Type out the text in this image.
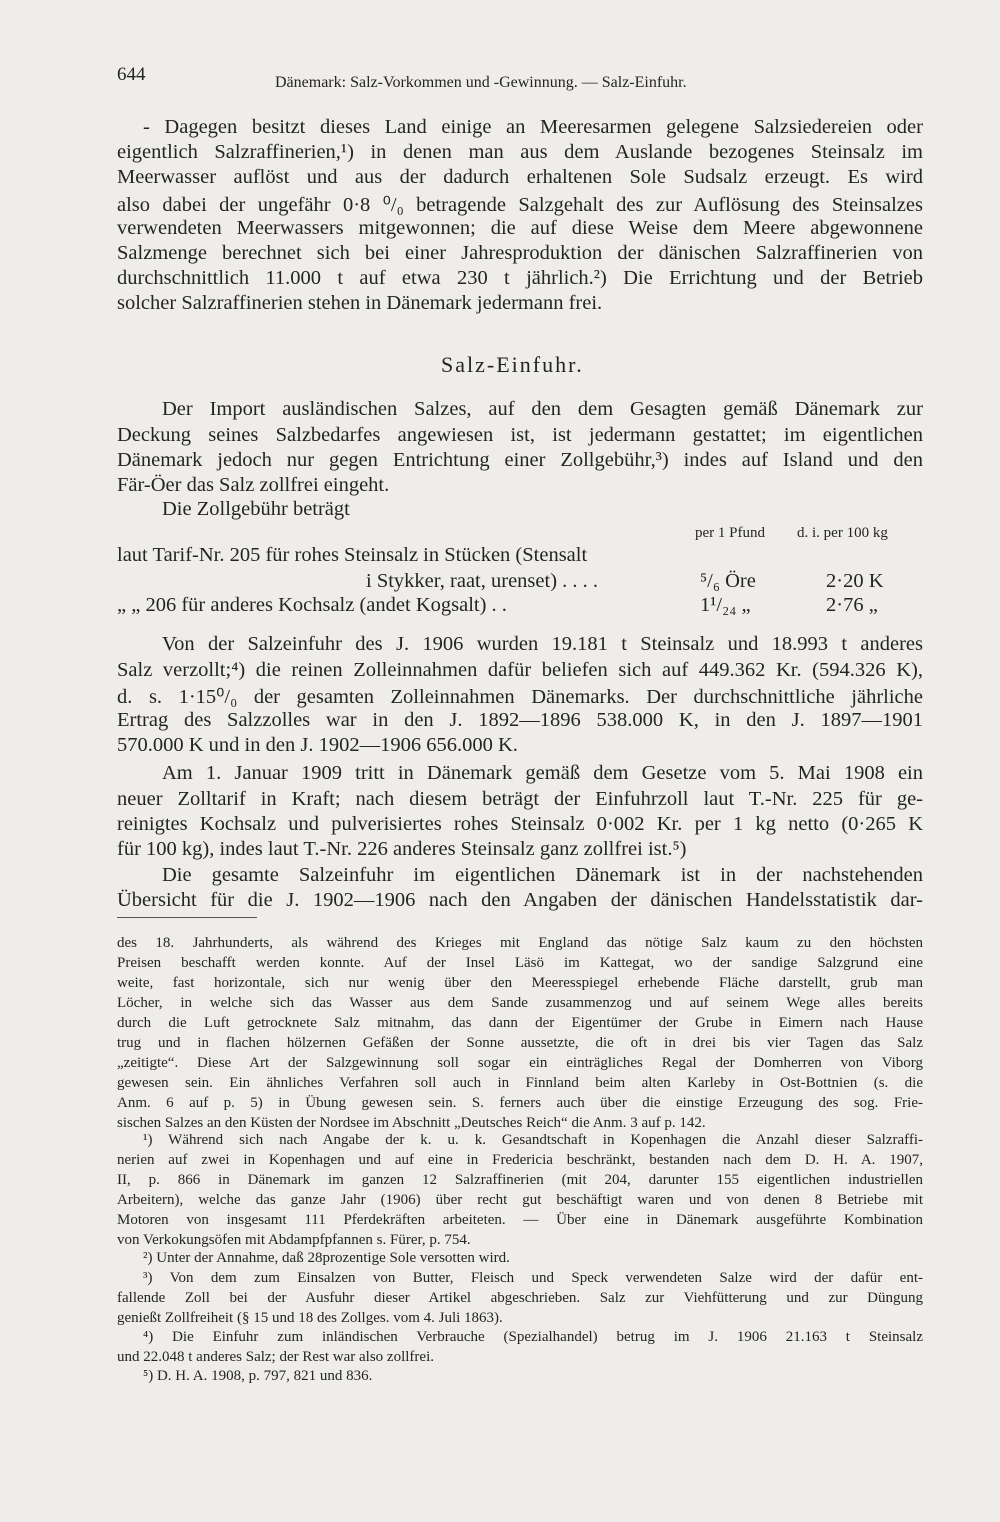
644	Dänemark: Salz-Vorkommen und -Gewinnung. — Salz-Einfuhr.
- Dagegen besitzt dieses Land einige an Meeresarmen gelegene Salzsiedereien oder
eigentlich Salzraffinerien,¹) in denen man aus dem Auslande bezogenes Steinsalz im
Meerwasser auflöst und aus der dadurch erhaltenen Sole Sudsalz erzeugt. Es wird
also dabei der ungefähr 0·8 ⁰/₀ betragende Salzgehalt des zur Auflösung des Steinsalzes
verwendeten Meerwassers mitgewonnen; die auf diese Weise dem Meere abgewonnene
Salzmenge berechnet sich bei einer Jahresproduktion der dänischen Salzraffinerien von
durchschnittlich 11.000 t auf etwa 230 t jährlich.²) Die Errichtung und der Betrieb
solcher Salzraffinerien stehen in Dänemark jedermann frei.
Salz-Einfuhr.
Der Import ausländischen Salzes, auf den dem Gesagten gemäß Dänemark zur
Deckung seines Salzbedarfes angewiesen ist, ist jedermann gestattet; im eigentlichen
Dänemark jedoch nur gegen Entrichtung einer Zollgebühr,³) indes auf Island und den
Fär-Öer das Salz zollfrei eingeht.
Die Zollgebühr beträgt
per 1 Pfund d. i. per 100 kg
laut Tarif-Nr. 205 für rohes Steinsalz in Stücken (Stensalt
i Stykker, raat, urenset) . . . .	⁵/₆ Öre	2·20 K
„ „ 206 für anderes Kochsalz (andet Kogsalt) . .	1¹/₂₄ „	2·76 „
Von der Salzeinfuhr des J. 1906 wurden 19.181 t Steinsalz und 18.993 t anderes
Salz verzollt;⁴) die reinen Zolleinnahmen dafür beliefen sich auf 449.362 Kr. (594.326 K),
d. s. 1·15⁰/₀ der gesamten Zolleinnahmen Dänemarks. Der durchschnittliche jährliche
Ertrag des Salzzolles war in den J. 1892—1896 538.000 K, in den J. 1897—1901
570.000 K und in den J. 1902—1906 656.000 K.
Am 1. Januar 1909 tritt in Dänemark gemäß dem Gesetze vom 5. Mai 1908 ein
neuer Zolltarif in Kraft; nach diesem beträgt der Einfuhrzoll laut T.-Nr. 225 für ge-
reinigtes Kochsalz und pulverisiertes rohes Steinsalz 0·002 Kr. per 1 kg netto (0·265 K
für 100 kg), indes laut T.-Nr. 226 anderes Steinsalz ganz zollfrei ist.⁵)
Die gesamte Salzeinfuhr im eigentlichen Dänemark ist in der nachstehenden
Übersicht für die J. 1902—1906 nach den Angaben der dänischen Handelsstatistik dar-
des 18. Jahrhunderts, als während des Krieges mit England das nötige Salz kaum zu den höchsten
Preisen beschafft werden konnte. Auf der Insel Läsö im Kattegat, wo der sandige Salzgrund eine
weite, fast horizontale, sich nur wenig über den Meeresspiegel erhebende Fläche darstellt, grub man
Löcher, in welche sich das Wasser aus dem Sande zusammenzog und auf seinem Wege alles bereits
durch die Luft getrocknete Salz mitnahm, das dann der Eigentümer der Grube in Eimern nach Hause
trug und in flachen hölzernen Gefäßen der Sonne aussetzte, die oft in drei bis vier Tagen das Salz
„zeitigte“. Diese Art der Salzgewinnung soll sogar ein einträgliches Regal der Domherren von Viborg
gewesen sein. Ein ähnliches Verfahren soll auch in Finnland beim alten Karleby in Ost-Bottnien (s. die
Anm. 6 auf p. 5) in Übung gewesen sein. S. ferners auch über die einstige Erzeugung des sog. Frie-
sischen Salzes an den Küsten der Nordsee im Abschnitt „Deutsches Reich“ die Anm. 3 auf p. 142.
¹) Während sich nach Angabe der k. u. k. Gesandtschaft in Kopenhagen die Anzahl dieser Salzraffi-
nerien auf zwei in Kopenhagen und auf eine in Fredericia beschränkt, bestanden nach dem D. H. A. 1907,
II, p. 866 in Dänemark im ganzen 12 Salzraffinerien (mit 204, darunter 155 eigentlichen industriellen
Arbeitern), welche das ganze Jahr (1906) über recht gut beschäftigt waren und von denen 8 Betriebe mit
Motoren von insgesamt 111 Pferdekräften arbeiteten. — Über eine in Dänemark ausgeführte Kombination
von Verkokungsöfen mit Abdampfpfannen s. Fürer, p. 754.
²) Unter der Annahme, daß 28prozentige Sole versotten wird.
³) Von dem zum Einsalzen von Butter, Fleisch und Speck verwendeten Salze wird der dafür ent-
fallende Zoll bei der Ausfuhr dieser Artikel abgeschrieben. Salz zur Viehfütterung und zur Düngung
genießt Zollfreiheit (§ 15 und 18 des Zollges. vom 4. Juli 1863).
⁴) Die Einfuhr zum inländischen Verbrauche (Spezialhandel) betrug im J. 1906 21.163 t Steinsalz
und 22.048 t anderes Salz; der Rest war also zollfrei.
⁵) D. H. A. 1908, p. 797, 821 und 836.
